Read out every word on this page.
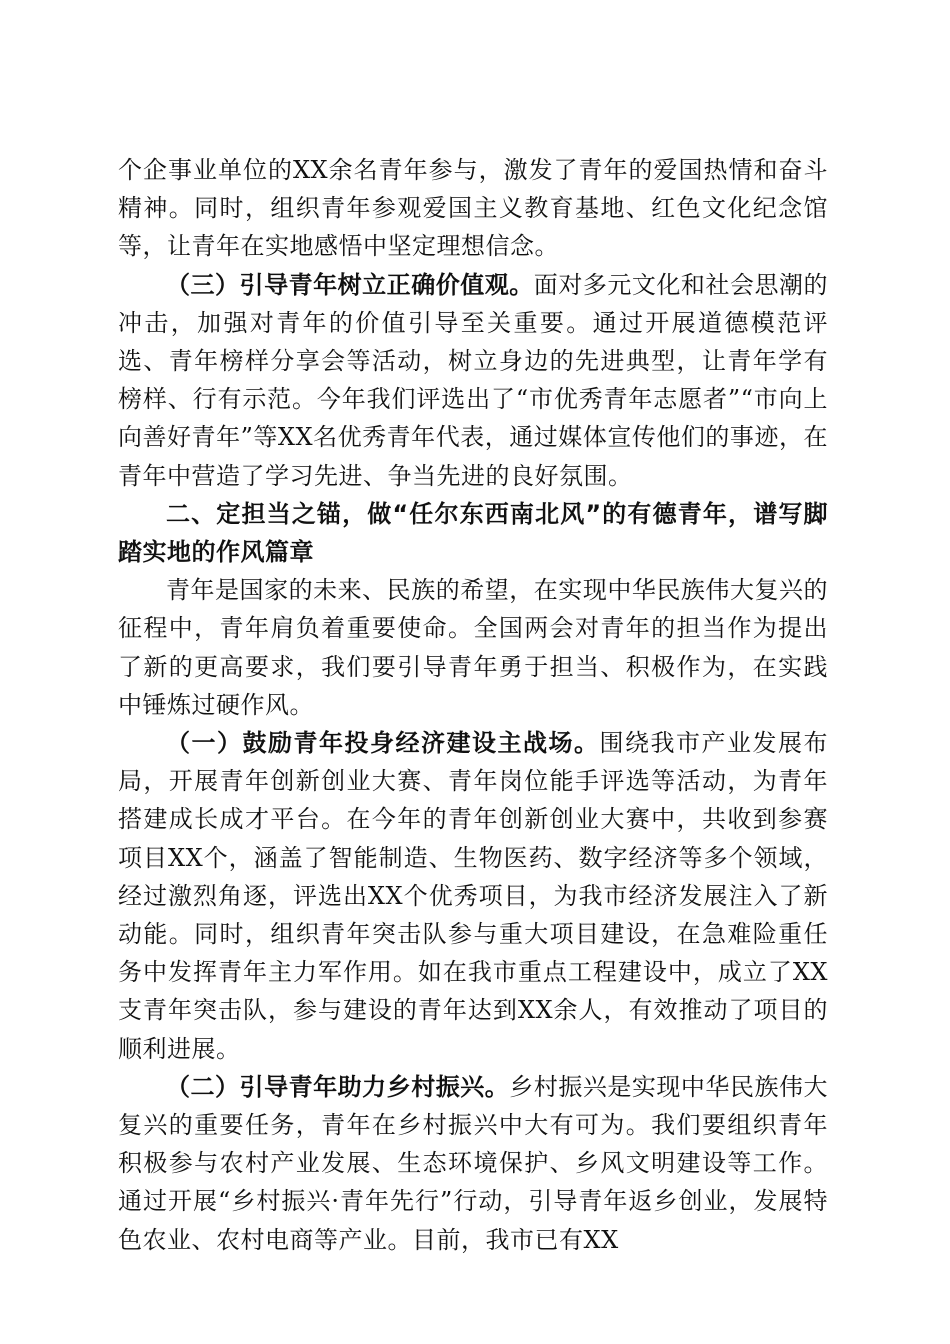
个企事业单位的XX余名青年参与，激发了青年的爱国热情和奋斗精神。同时，组织青年参观爱国主义教育基地、红色文化纪念馆等，让青年在实地感悟中坚定理想信念。

（三）引导青年树立正确价值观。面对多元文化和社会思潮的冲击，加强对青年的价值引导至关重要。通过开展道德模范评选、青年榜样分享会等活动，树立身边的先进典型，让青年学有榜样、行有示范。今年我们评选出了“市优秀青年志愿者”“市向上向善好青年”等XX名优秀青年代表，通过媒体宣传他们的事迹，在青年中营造了学习先进、争当先进的良好氛围。

二、定担当之锚，做“任尔东西南北风”的有德青年，谱写脚踏实地的作风篇章

青年是国家的未来、民族的希望，在实现中华民族伟大复兴的征程中，青年肩负着重要使命。全国两会对青年的担当作为提出了新的更高要求，我们要引导青年勇于担当、积极作为，在实践中锤炼过硬作风。

（一）鼓励青年投身经济建设主战场。围绕我市产业发展布局，开展青年创新创业大赛、青年岗位能手评选等活动，为青年搭建成长成才平台。在今年的青年创新创业大赛中，共收到参赛项目XX个，涵盖了智能制造、生物医药、数字经济等多个领域，经过激烈角逐，评选出XX个优秀项目，为我市经济发展注入了新动能。同时，组织青年突击队参与重大项目建设，在急难险重任务中发挥青年主力军作用。如在我市重点工程建设中，成立了XX支青年突击队，参与建设的青年达到XX余人，有效推动了项目的顺利进展。

（二）引导青年助力乡村振兴。乡村振兴是实现中华民族伟大复兴的重要任务，青年在乡村振兴中大有可为。我们要组织青年积极参与农村产业发展、生态环境保护、乡风文明建设等工作。通过开展“乡村振兴·青年先行”行动，引导青年返乡创业，发展特色农业、农村电商等产业。目前，我市已有XX
